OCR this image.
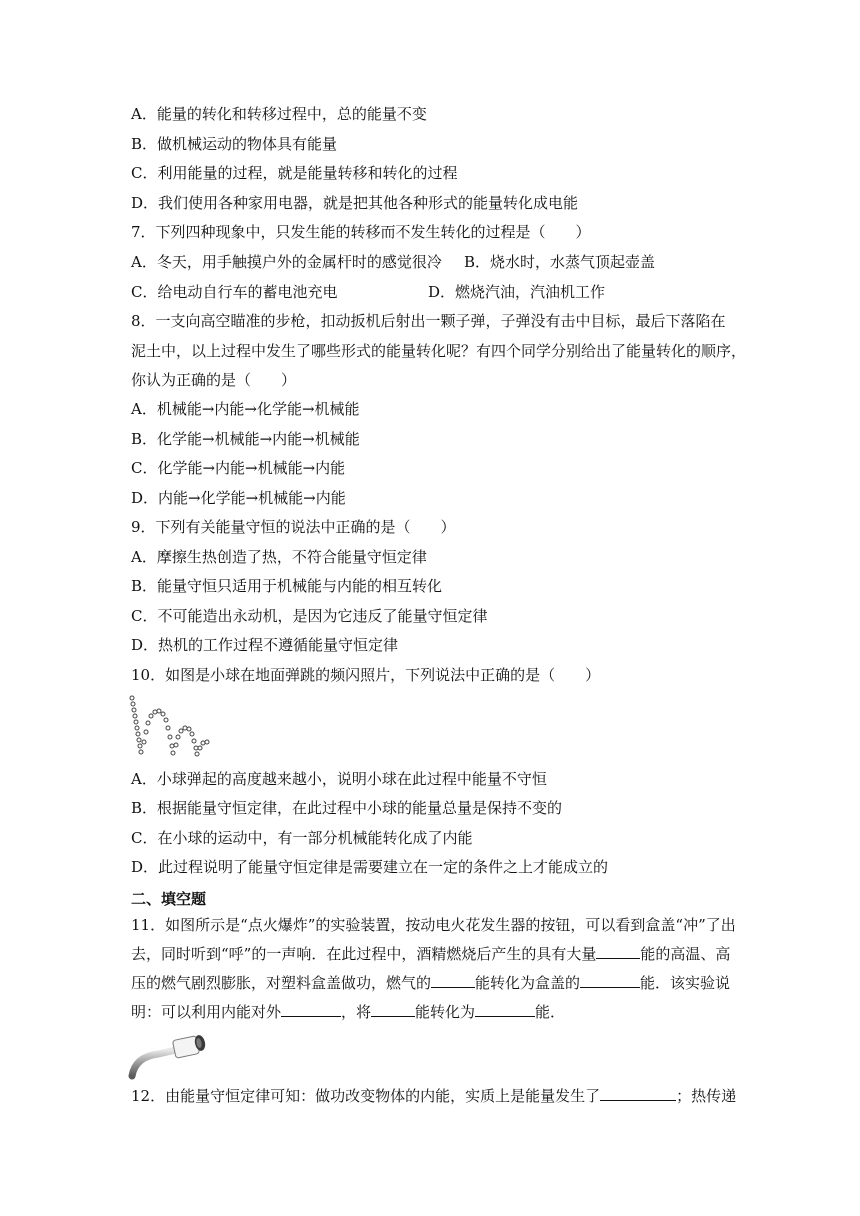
A．能量的转化和转移过程中，总的能量不变
B．做机械运动的物体具有能量
C．利用能量的过程，就是能量转移和转化的过程
D．我们使用各种家用电器，就是把其他各种形式的能量转化成电能
7．下列四种现象中，只发生能的转移而不发生转化的过程是（　　）
A．冬天，用手触摸户外的金属杆时的感觉很冷 B．烧水时，水蒸气顶起壶盖
C．给电动自行车的蓄电池充电	D．燃烧汽油，汽油机工作
8．一支向高空瞄准的步枪，扣动扳机后射出一颗子弹，子弹没有击中目标，最后下落陷在
泥土中，以上过程中发生了哪些形式的能量转化呢？有四个同学分别给出了能量转化的顺序，
你认为正确的是（　　）
A．机械能→内能→化学能→机械能
B．化学能→机械能→内能→机械能
C．化学能→内能→机械能→内能
D．内能→化学能→机械能→内能
9．下列有关能量守恒的说法中正确的是（　　）
A．摩擦生热创造了热，不符合能量守恒定律
B．能量守恒只适用于机械能与内能的相互转化
C．不可能造出永动机，是因为它违反了能量守恒定律
D．热机的工作过程不遵循能量守恒定律
10．如图是小球在地面弹跳的频闪照片，下列说法中正确的是（　　）
A．小球弹起的高度越来越小，说明小球在此过程中能量不守恒
B．根据能量守恒定律，在此过程中小球的能量总量是保持不变的
C．在小球的运动中，有一部分机械能转化成了内能
D．此过程说明了能量守恒定律是需要建立在一定的条件之上才能成立的
二、填空题
11．如图所示是“点火爆炸”的实验装置，按动电火花发生器的按钮，可以看到盒盖“冲”了出
去，同时听到“呼”的一声响．在此过程中，酒精燃烧后产生的具有大量	能的高温、高
压的燃气剧烈膨胀，对塑料盒盖做功，燃气的	能转化为盒盖的	能．该实验说
明：可以利用内能对外	，将	能转化为	能．
12．由能量守恒定律可知：做功改变物体的内能，实质上是能量发生了	；热传递
